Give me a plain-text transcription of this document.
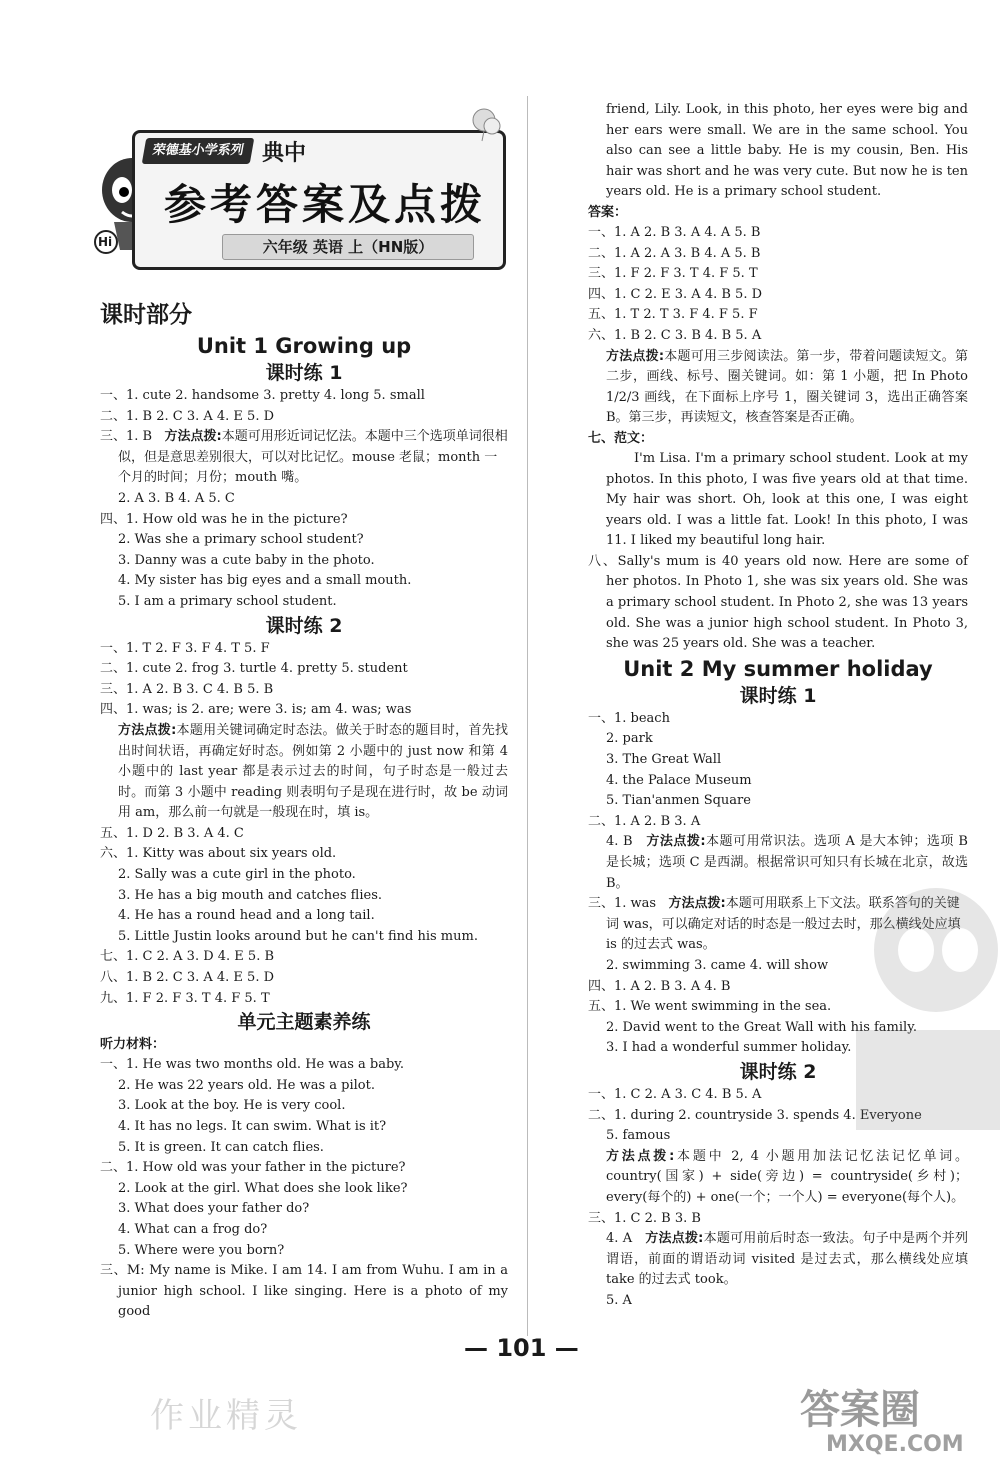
Hi
荣德基小学系列 典中
参考答案及点拨
六年级 英语 上（HN版）
课时部分
Unit 1 Growing up
课时练 1
一、1. cute 2. handsome 3. pretty 4. long 5. small
二、1. B 2. C 3. A 4. E 5. D
三、1. B 方法点拨:本题可用形近词记忆法。本题中三个选项单词很相似，但是意思差别很大，可以对比记忆。mouse 老鼠；month 一个月的时间；月份；mouth 嘴。
2. A 3. B 4. A 5. C
四、1. How old was he in the picture?
2. Was she a primary school student?
3. Danny was a cute baby in the photo.
4. My sister has big eyes and a small mouth.
5. I am a primary school student.
课时练 2
一、1. T 2. F 3. F 4. T 5. F
二、1. cute 2. frog 3. turtle 4. pretty 5. student
三、1. A 2. B 3. C 4. B 5. B
四、1. was; is 2. are; were 3. is; am 4. was; was
方法点拨:本题用关键词确定时态法。做关于时态的题目时，首先找出时间状语，再确定好时态。例如第 2 小题中的 just now 和第 4 小题中的 last year 都是表示过去的时间，句子时态是一般过去时。而第 3 小题中 reading 则表明句子是现在进行时，故 be 动词用 am，那么前一句就是一般现在时，填 is。
五、1. D 2. B 3. A 4. C
六、1. Kitty was about six years old.
2. Sally was a cute girl in the photo.
3. He has a big mouth and catches flies.
4. He has a round head and a long tail.
5. Little Justin looks around but he can't find his mum.
七、1. C 2. A 3. D 4. E 5. B
八、1. B 2. C 3. A 4. E 5. D
九、1. F 2. F 3. T 4. F 5. T
单元主题素养练
听力材料：
一、1. He was two months old. He was a baby.
2. He was 22 years old. He was a pilot.
3. Look at the boy. He is very cool.
4. It has no legs. It can swim. What is it?
5. It is green. It can catch flies.
二、1. How old was your father in the picture?
2. Look at the girl. What does she look like?
3. What does your father do?
4. What can a frog do?
5. Where were you born?
三、M: My name is Mike. I am 14. I am from Wuhu. I am in a junior high school. I like singing. Here is a photo of my good
friend, Lily. Look, in this photo, her eyes were big and her ears were small. We are in the same school. You also can see a little baby. He is my cousin, Ben. His hair was short and he was very cute. But now he is ten years old. He is a primary school student.
答案：
一、1. A 2. B 3. A 4. A 5. B
二、1. A 2. A 3. B 4. A 5. B
三、1. F 2. F 3. T 4. F 5. T
四、1. C 2. E 3. A 4. B 5. D
五、1. T 2. T 3. F 4. F 5. F
六、1. B 2. C 3. B 4. B 5. A
方法点拨:本题可用三步阅读法。第一步，带着问题读短文。第二步，画线、标号、圈关键词。如：第 1 小题，把 In Photo 1/2/3 画线，在下面标上序号 1，圈关键词 3，选出正确答案 B。第三步，再读短文，核查答案是否正确。
七、范文：
I'm Lisa. I'm a primary school student. Look at my photos. In this photo, I was five years old at that time. My hair was short. Oh, look at this one, I was eight years old. I was a little fat. Look! In this photo, I was 11. I liked my beautiful long hair.
八、Sally's mum is 40 years old now. Here are some of her photos. In Photo 1, she was six years old. She was a primary school student. In Photo 2, she was 13 years old. She was a junior high school student. In Photo 3, she was 25 years old. She was a teacher.
Unit 2 My summer holiday
课时练 1
一、1. beach
2. park
3. The Great Wall
4. the Palace Museum
5. Tian'anmen Square
二、1. A 2. B 3. A
4. B 方法点拨:本题可用常识法。选项 A 是大本钟；选项 B 是长城；选项 C 是西湖。根据常识可知只有长城在北京，故选 B。
三、1. was 方法点拨:本题可用联系上下文法。联系答句的关键词 was，可以确定对话的时态是一般过去时，那么横线处应填 is 的过去式 was。
2. swimming 3. came 4. will show
四、1. A 2. B 3. A 4. B
五、1. We went swimming in the sea.
2. David went to the Great Wall with his family.
3. I had a wonderful summer holiday.
课时练 2
一、1. C 2. A 3. C 4. B 5. A
二、1. during 2. countryside 3. spends 4. Everyone
5. famous
方法点拨:本题中 2, 4 小题用加法记忆法记忆单词。country(国家) + side(旁边) = countryside(乡村)；every(每个的) + one(一个；一个人) = everyone(每个人)。
三、1. C 2. B 3. B
4. A 方法点拨:本题可用前后时态一致法。句子中是两个并列谓语，前面的谓语动词 visited 是过去式，那么横线处应填 take 的过去式 took。
5. A
— 101 —
作业精灵	答案圈
MXQE.COM
